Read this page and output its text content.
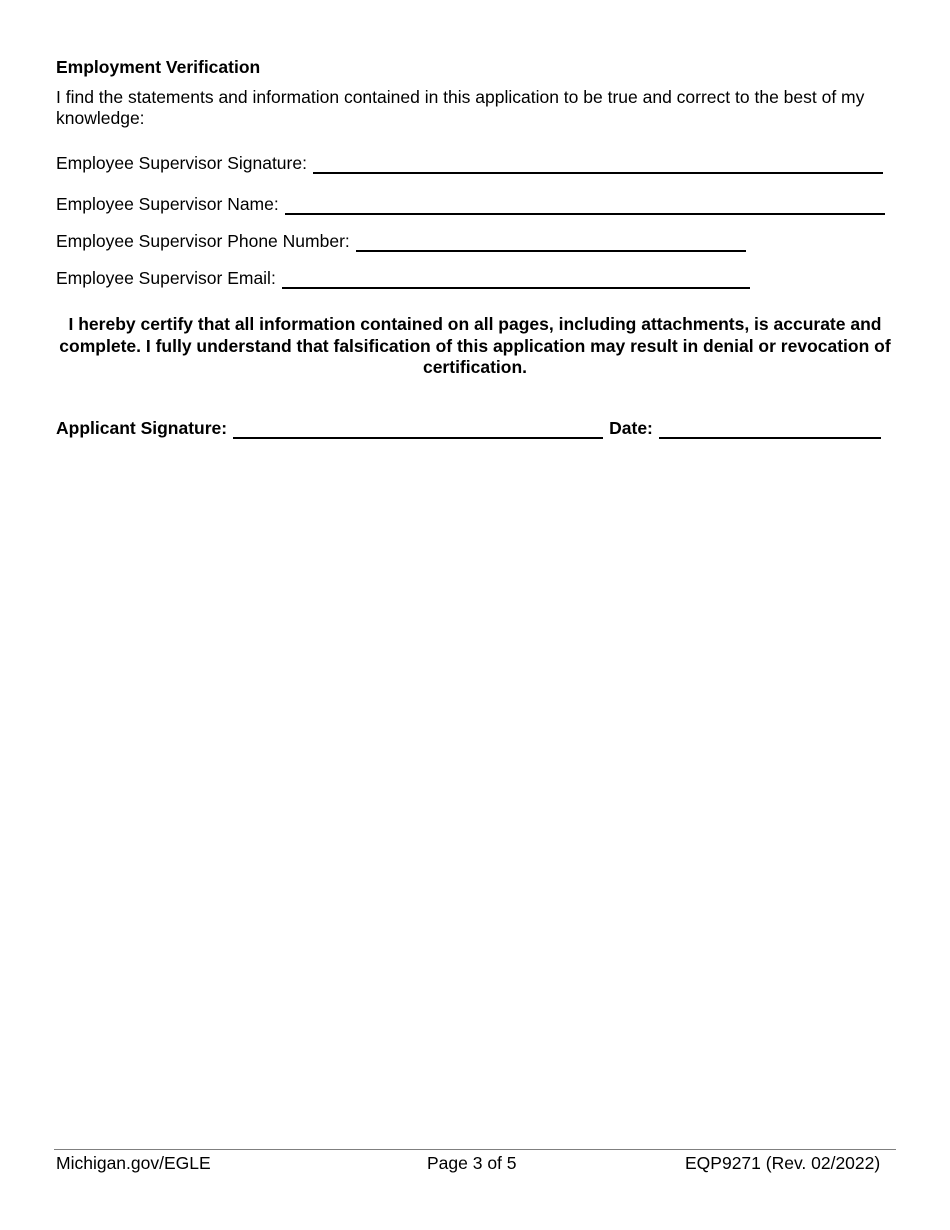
Employment Verification
I find the statements and information contained in this application to be true and correct to the best of my knowledge:
Employee Supervisor Signature:
Employee Supervisor Name:
Employee Supervisor Phone Number:
Employee Supervisor Email:
I hereby certify that all information contained on all pages, including attachments, is accurate and complete. I fully understand that falsification of this application may result in denial or revocation of certification.
Applicant Signature:	Date:
Michigan.gov/EGLE	Page 3 of 5	EQP9271 (Rev. 02/2022)
